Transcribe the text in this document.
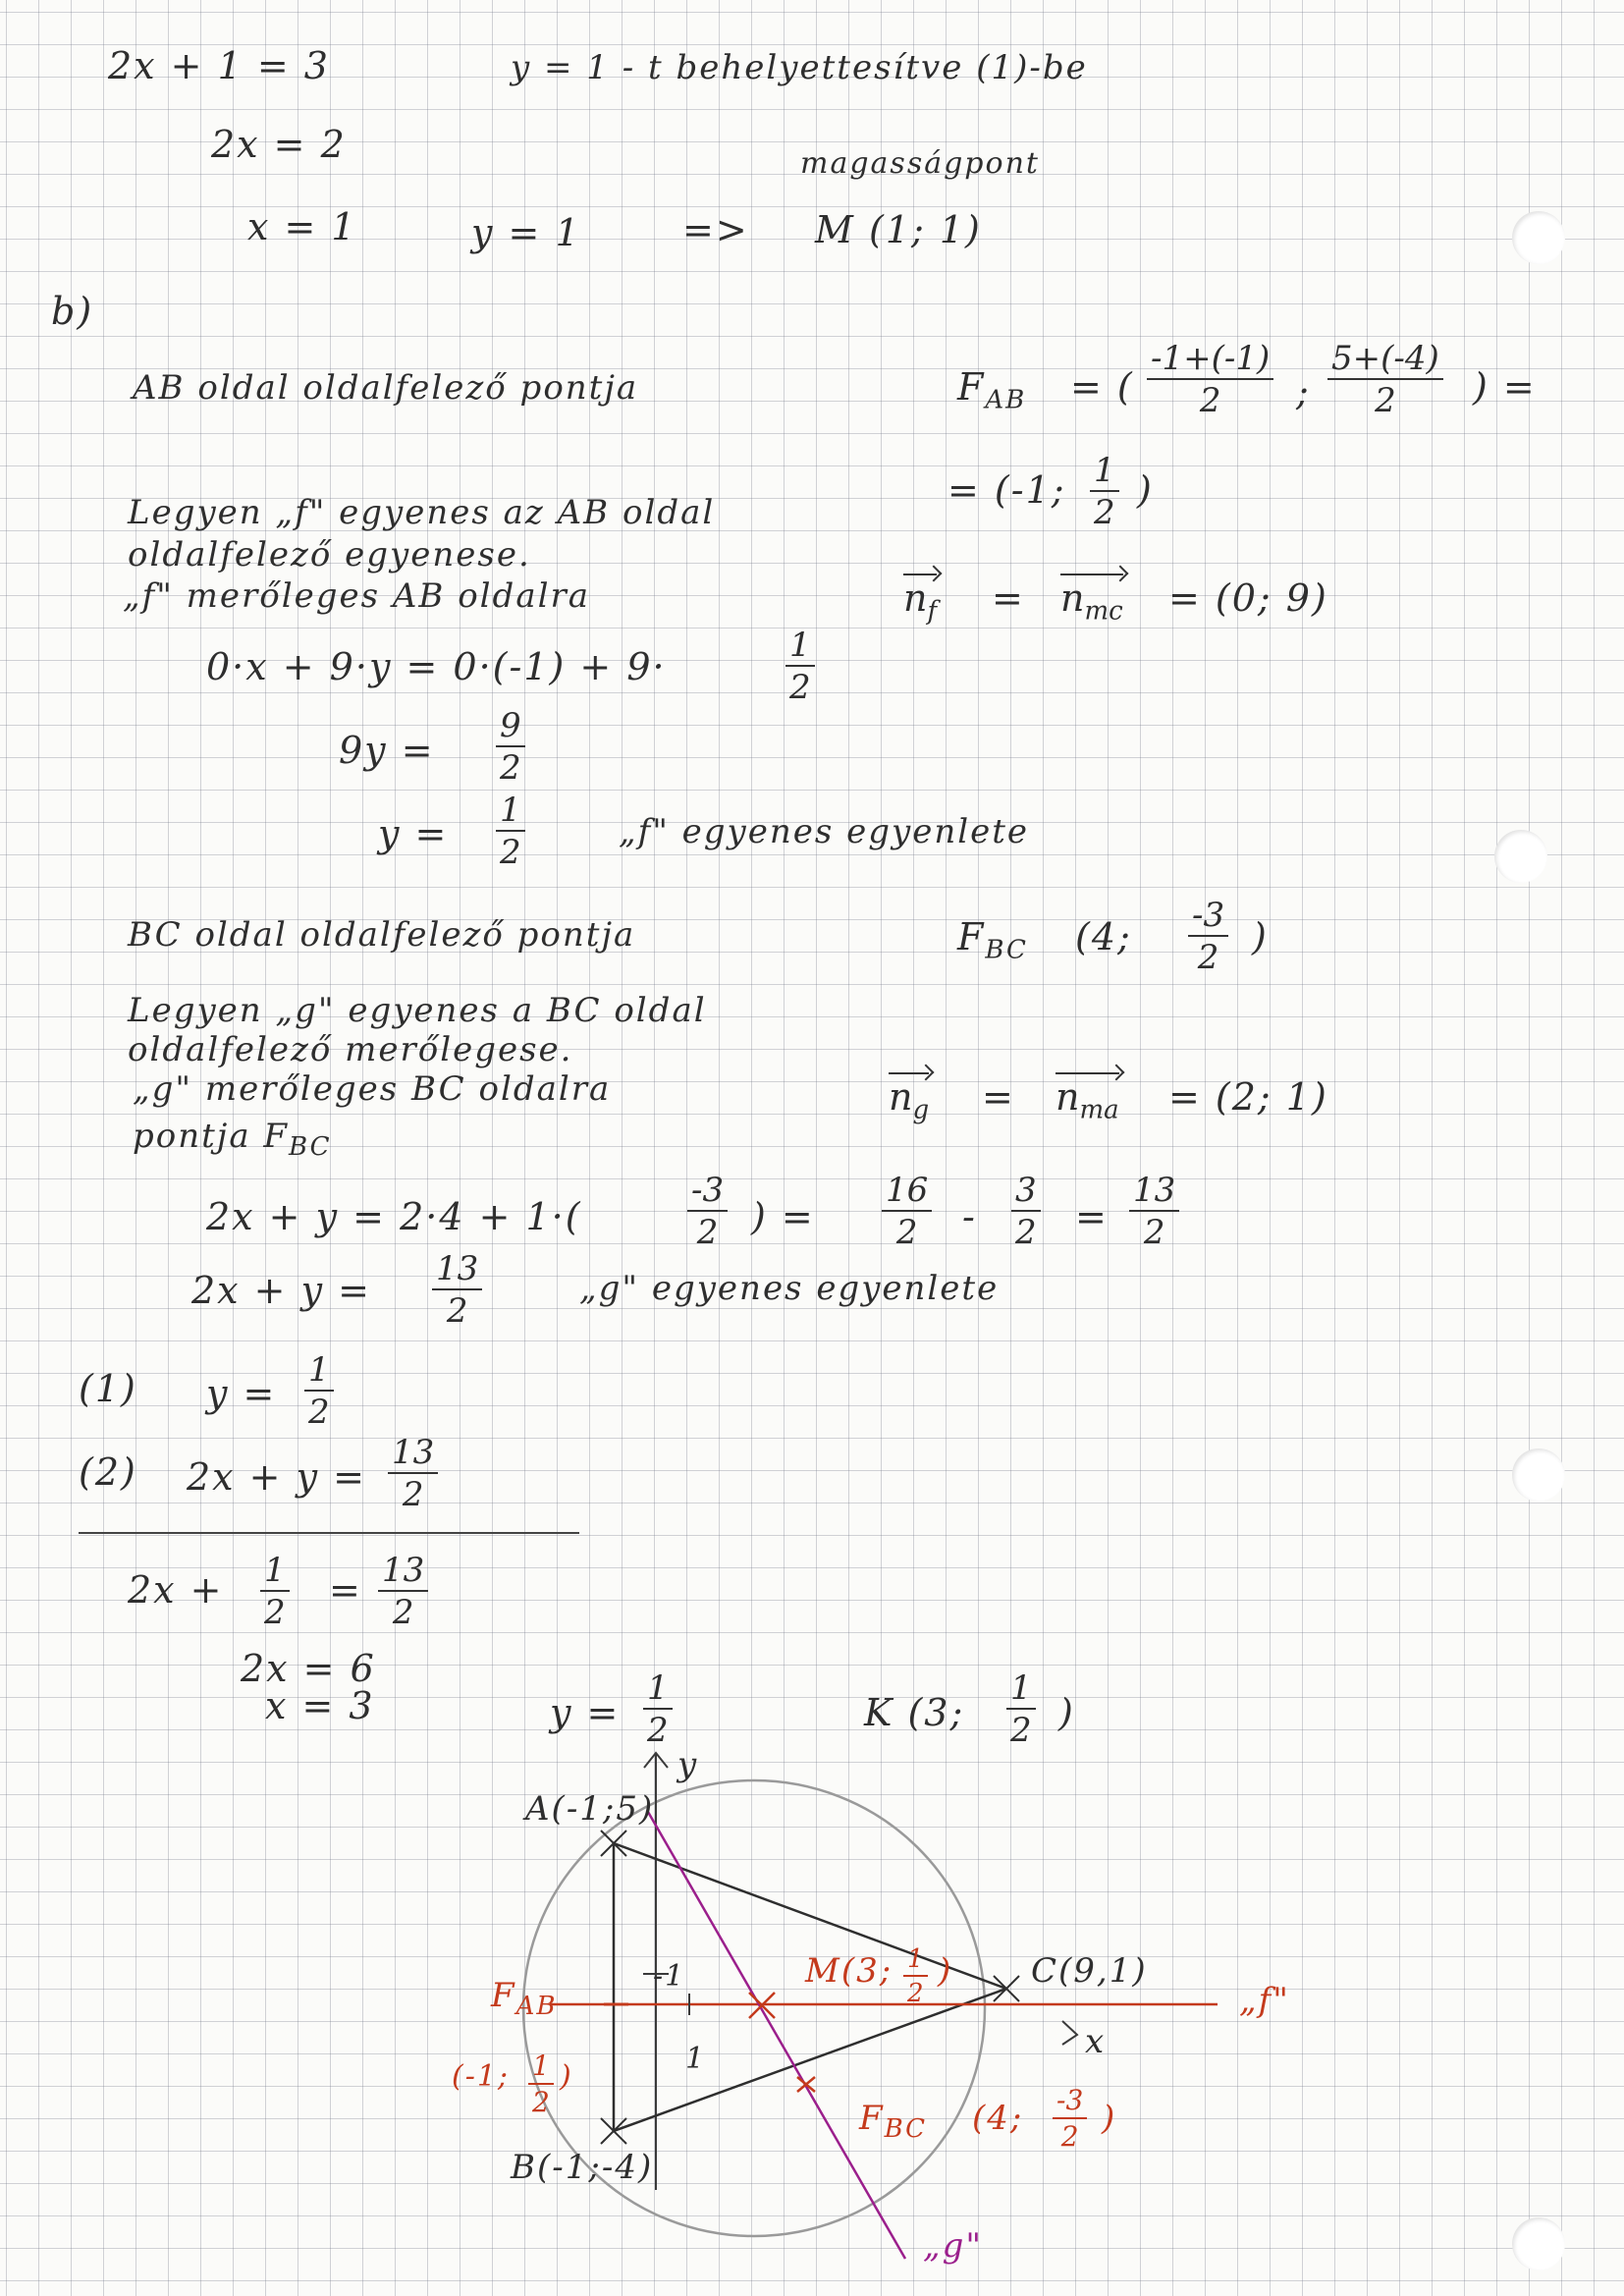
2x + 1 = 3	y = 1 - t behelyettesítve (1)-be
2x = 2	magasságpont
x = 1	y = 1	=> M (1; 1)
b)
AB oldal oldalfelező pontja	$F_{AB}$ = ( $\frac{-1+(-1)}{2}$ ; $\frac{5+(-4)}{2}$ ) =
= (-1; $\frac{1}{2}$ )
Legyen „f" egyenes az AB oldal
oldalfelező egyenese.
„f" merőleges AB oldalra	$n_f = n_{mc} = (0$; 9)
0·x + 9·y = 0·(-1) + 9·	$\frac{1}{2}$
$9y = \frac{9}{2}$
$y = \frac{1}{2}$	„f" egyenes egyenlete
BC oldal oldalfelező pontja	$F_{BC}$ (4; $\frac{-3}{2}$ )
Legyen „g" egyenes a BC oldal
oldalfelező merőlegese.
„g" merőleges BC oldalra
pontja $F_{BC}$
$n_g = n_{ma} = (2$; 1)
2x + y = 2·4 + 1·(	$\frac{-3}{2}$ ) = $\frac{16}{2} - \frac{3}{2} = \frac{13}{2}$
$2x + y = \frac{13}{2}$	„g" egyenes egyenlete
(1) $y = \frac{1}{2}$
(2) $2x + y = \frac{13}{2}$
$2x + \frac{1}{2} = \frac{13}{2}$
2x = 6
x = 3	$y = \frac{1}{2}$	K (3; $\frac{1}{2}$ )
A(-1;5)
B(-1;-4)
C(9,1)
y
x
-1
1
M(3; $\frac{1}{2}$ )
$F_{AB}$
(-1; $\frac{1}{2}$ )
$F_{BC}$ (4; $\frac{-3}{2}$ )
„f"
„g"
